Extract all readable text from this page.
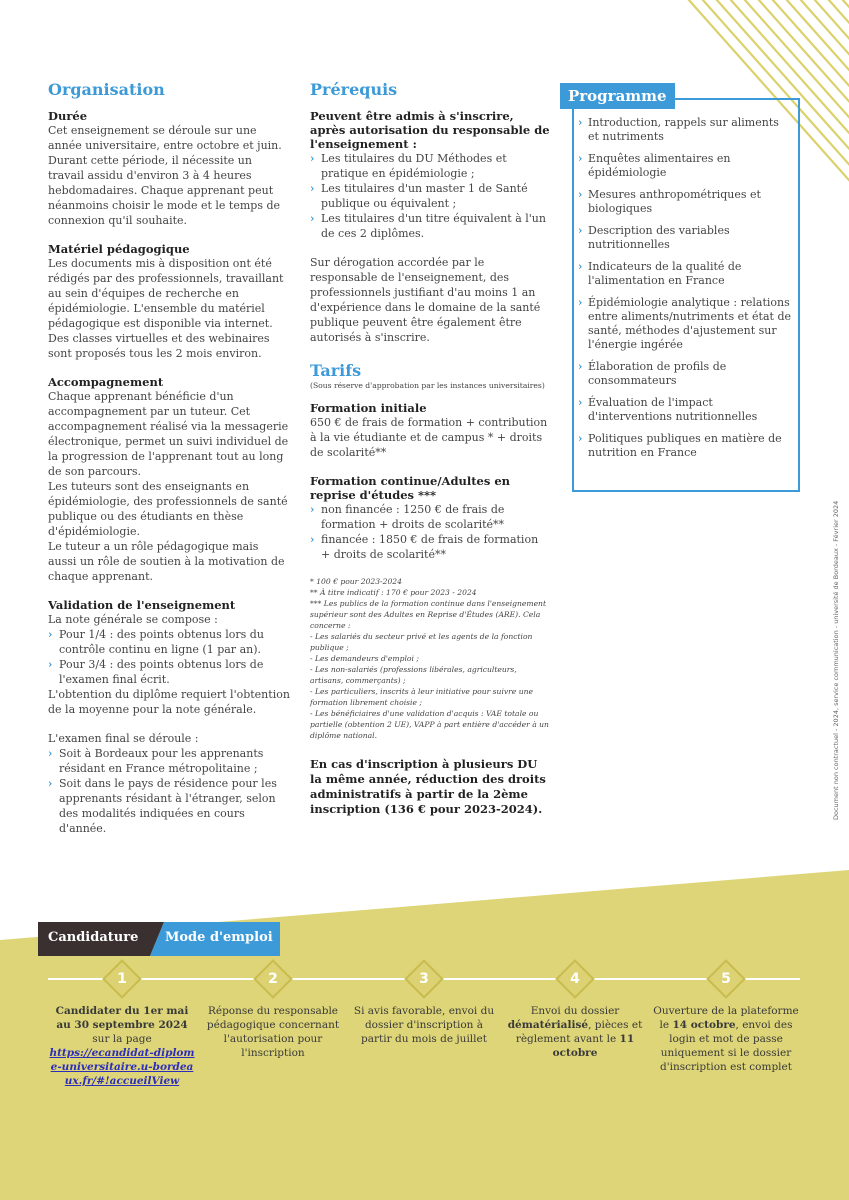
Organisation

Durée

Cet enseignement se déroule sur une année universitaire, entre octobre et juin. Durant cette période, il nécessite un travail assidu d'environ 3 à 4 heures hebdomadaires. Chaque apprenant peut néanmoins choisir le mode et le temps de connexion qu'il souhaite.

Matériel pédagogique

Les documents mis à disposition ont été rédigés par des professionnels, travaillant au sein d'équipes de recherche en épidémiologie. L'ensemble du matériel pédagogique est disponible via internet. Des classes virtuelles et des webinaires sont proposés tous les 2 mois environ.

Accompagnement

Chaque apprenant bénéficie d'un accompagnement par un tuteur. Cet accompagnement réalisé via la messagerie électronique, permet un suivi individuel de la progression de l'apprenant tout au long de son parcours.

Les tuteurs sont des enseignants en épidémiologie, des professionnels de santé publique ou des étudiants en thèse d'épidémiologie.

Le tuteur a un rôle pédagogique mais aussi un rôle de soutien à la motivation de chaque apprenant.

Validation de l'enseignement

La note générale se compose :

› Pour 1/4 : des points obtenus lors du contrôle continu en ligne (1 par an).
› Pour 3/4 : des points obtenus lors de l'examen final écrit.

L'obtention du diplôme requiert l'obtention de la moyenne pour la note générale.

L'examen final se déroule :

› Soit à Bordeaux pour les apprenants résidant en France métropolitaine ;
› Soit dans le pays de résidence pour les apprenants résidant à l'étranger, selon des modalités indiquées en cours d'année.
Prérequis

Peuvent être admis à s'inscrire, après autorisation du responsable de l'enseignement :

› Les titulaires du DU Méthodes et pratique en épidémiologie ;
› Les titulaires d'un master 1 de Santé publique ou équivalent ;
› Les titulaires d'un titre équivalent à l'un de ces 2 diplômes.

Sur dérogation accordée par le responsable de l'enseignement, des professionnels justifiant d'au moins 1 an d'expérience dans le domaine de la santé publique peuvent être également être autorisés à s'inscrire.

Tarifs

(Sous réserve d'approbation par les instances universitaires)

Formation initiale

650 € de frais de formation + contribution à la vie étudiante et de campus * + droits de scolarité**

Formation continue/Adultes en reprise d'études ***

› non financée : 1250 € de frais de formation + droits de scolarité**
› financée : 1850 € de frais de formation + droits de scolarité**

* 100 € pour 2023-2024

** À titre indicatif : 170 € pour 2023 - 2024

*** Les publics de la formation continue dans l'enseignement supérieur sont des Adultes en Reprise d'Études (ARE). Cela concerne :

- Les salariés du secteur privé et les agents de la fonction publique ;

- Les demandeurs d'emploi ;

- Les non-salariés (professions libérales, agriculteurs, artisans, commerçants) ;

- Les particuliers, inscrits à leur initiative pour suivre une formation librement choisie ;

- Les bénéficiaires d'une validation d'acquis : VAE totale ou partielle (obtention 2 UE), VAPP à part entière d'accéder à un diplôme national.

En cas d'inscription à plusieurs DU la même année, réduction des droits administratifs à partir de la 2ème inscription (136 € pour 2023-2024).

Programme
› Introduction, rappels sur aliments et nutriments
› Enquêtes alimentaires en épidémiologie
› Mesures anthropométriques et biologiques
› Description des variables nutritionnelles
› Indicateurs de la qualité de l'alimentation en France
› Épidémiologie analytique : relations entre aliments/nutriments et état de santé, méthodes d'ajustement sur l'énergie ingérée
› Élaboration de profils de consommateurs
› Évaluation de l'impact d'interventions nutritionnelles
› Politiques publiques en matière de nutrition en France
Document non contractuel - 2024, service communication - université de Bordeaux - Février 2024
Candidature Mode d'emploi
1	2	3	4	5
Candidater du 1er mai au 30 septembre 2024 sur la page
https://ecandidat-diplome-universitaire.u-bordeaux.fr/#!accueilView
Réponse du responsable pédagogique concernant l'autorisation pour l'inscription
Si avis favorable, envoi du dossier d'inscription à partir du mois de juillet
Envoi du dossier dématérialisé, pièces et règlement avant le 11 octobre
Ouverture de la plateforme le 14 octobre, envoi des login et mot de passe uniquement si le dossier d'inscription est complet
